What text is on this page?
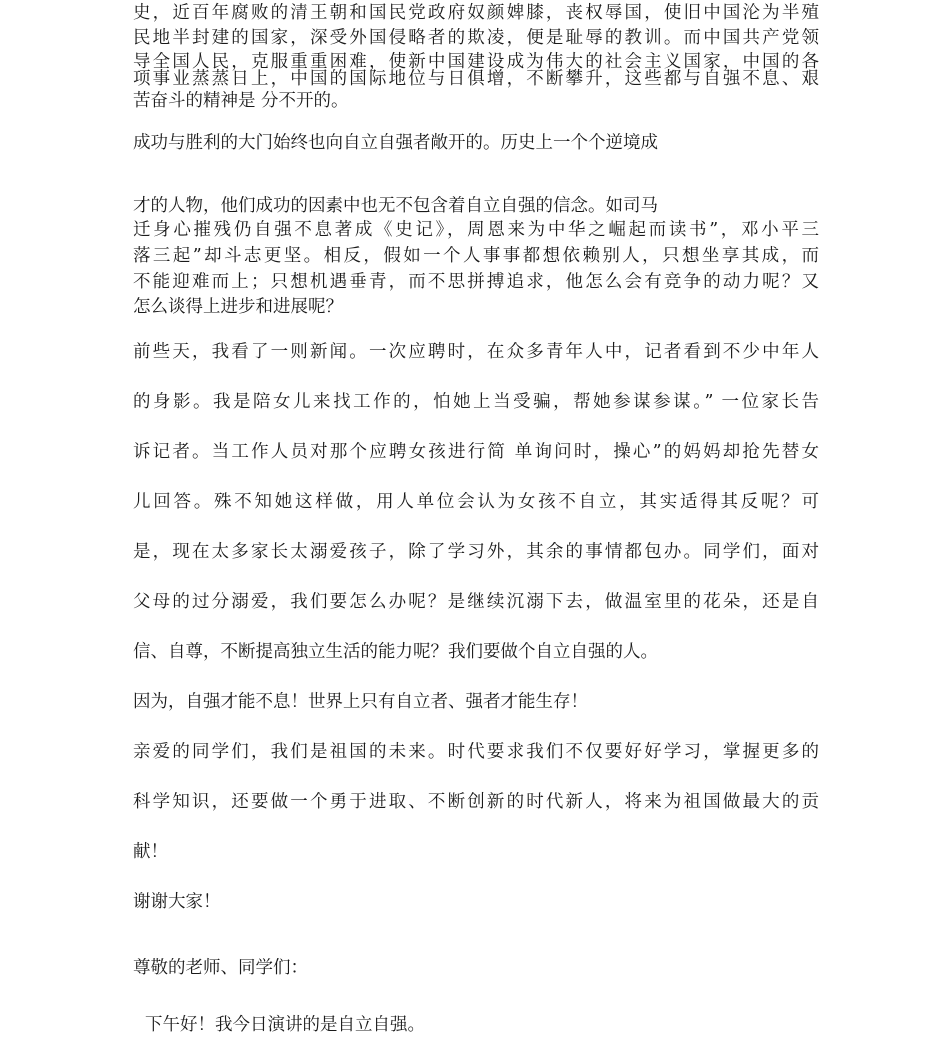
史，近百年腐败的清王朝和国民党政府奴颜婢膝，丧权辱国，使旧中国沦为半殖
民地半封建的国家，深受外国侵略者的欺凌，便是耻辱的教训。而中国共产党领
导全国人民，克服重重困难，使新中国建设成为伟大的社会主义国家，中国的各
项事业蒸蒸日上，中国的国际地位与日俱增，不断攀升，这些都与自强不息、艰
苦奋斗的精神是 分不开的。
成功与胜利的大门始终也向自立自强者敞开的。历史上一个个逆境成
才的人物，他们成功的因素中也无不包含着自立自强的信念。如司马
迁身心摧残仍自强不息著成《史记》，周恩来为中华之崛起而读书”，邓小平三
落三起”却斗志更坚。相反，假如一个人事事都想依赖别人，只想坐享其成，而
不能迎难而上；只想机遇垂青，而不思拼搏追求，他怎么会有竞争的动力呢？又
怎么谈得上进步和进展呢？
前些天，我看了一则新闻。一次应聘时，在众多青年人中，记者看到不少中年人
的身影。我是陪女儿来找工作的，怕她上当受骗，帮她参谋参谋。” 一位家长告
诉记者。当工作人员对那个应聘女孩进行简 单询问时，操心”的妈妈却抢先替女
儿回答。殊不知她这样做，用人单位会认为女孩不自立，其实适得其反呢？可
是，现在太多家长太溺爱孩子，除了学习外，其余的事情都包办。同学们，面对
父母的过分溺爱，我们要怎么办呢？是继续沉溺下去，做温室里的花朵，还是自
信、自尊，不断提高独立生活的能力呢？我们要做个自立自强的人。
因为，自强才能不息！世界上只有自立者、强者才能生存！
亲爱的同学们，我们是祖国的未来。时代要求我们不仅要好好学习，掌握更多的
科学知识，还要做一个勇于进取、不断创新的时代新人，将来为祖国做最大的贡
献！
谢谢大家！
尊敬的老师、同学们：
下午好！我今日演讲的是自立自强。
